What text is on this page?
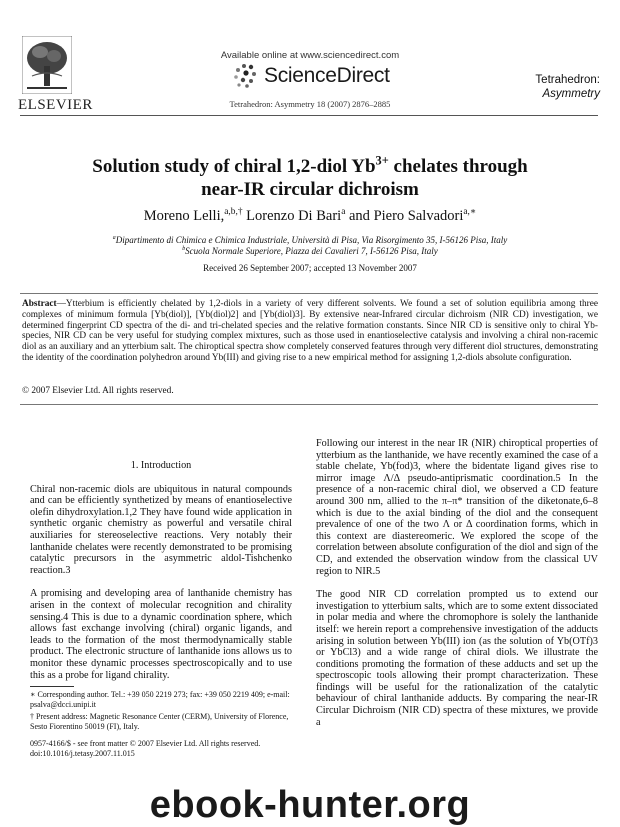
ELSEVIER
Available online at www.sciencedirect.com
ScienceDirect
Tetrahedron: Asymmetry 18 (2007) 2876–2885
Tetrahedron:
Asymmetry
Solution study of chiral 1,2-diol $Yb^{3+}$ chelates through
near-IR circular dichroism
Moreno Lelli,$^{a,b,\dagger}$ Lorenzo Di Bari$^a$ and Piero Salvadori$^{a,∗}$
$^a$Dipartimento di Chimica e Chimica Industriale, Università di Pisa, Via Risorgimento 35, I-56126 Pisa, Italy
$^b$Scuola Normale Superiore, Piazza dei Cavalieri 7, I-56126 Pisa, Italy
Received 26 September 2007; accepted 13 November 2007
Abstract—Ytterbium is efficiently chelated by 1,2-diols in a variety of very different solvents. We found a set of solution equilibria among three complexes of minimum formula [Yb(diol)], [Yb(diol)2] and [Yb(diol)3]. By extensive near-Infrared circular dichroism (NIR CD) investigation, we determined fingerprint CD spectra of the di- and tri-chelated species and the relative formation constants. Since NIR CD is sensitive only to chiral Yb-species, NIR CD can be very useful for studying complex mixtures, such as those used in enantioselective catalysis and involving a chiral non-racemic diol as an auxiliary and an ytterbium salt. The chiroptical spectra show completely conserved features through very different diol structures, demonstrating the identity of the coordination polyhedron around Yb(III) and giving rise to a new empirical method for assigning 1,2-diols absolute configuration.
© 2007 Elsevier Ltd. All rights reserved.
1. Introduction
Chiral non-racemic diols are ubiquitous in natural compounds and can be efficiently synthetized by means of enantioselective olefin dihydroxylation.1,2 They have found wide application in synthetic organic chemistry as powerful and versatile chiral auxiliaries for stereoselective reactions. Very notably their lanthanide chelates were recently demonstrated to be promising catalytic precursors in the asymmetric aldol-Tishchenko reaction.3
A promising and developing area of lanthanide chemistry has arisen in the context of molecular recognition and chirality sensing.4 This is due to a dynamic coordination sphere, which allows fast exchange involving (chiral) organic ligands, and leads to the formation of the most thermodynamically stable product. The electronic structure of lanthanide ions allows us to monitor these dynamic processes spectroscopically and to use this as a probe for ligand chirality.
Following our interest in the near IR (NIR) chiroptical properties of ytterbium as the lanthanide, we have recently examined the case of a stable chelate, Yb(fod)3, where the bidentate ligand gives rise to mirror image Λ/Δ pseudo-antiprismatic coordination.5 In the presence of a non-racemic chiral diol, we observed a CD feature around 300 nm, allied to the π–π* transition of the diketonate,6–8 which is due to the axial binding of the diol and the consequent prevalence of one of the two Λ or Δ coordination forms, which in this context are diastereomeric. We explored the scope of the correlation between absolute configuration of the diol and sign of the CD, and extended the observation window from the classical UV region to NIR.5
The good NIR CD correlation prompted us to extend our investigation to ytterbium salts, which are to some extent dissociated in polar media and where the chromophore is solely the lanthanide itself: we herein report a comprehensive investigation of the adducts arising in solution between Yb(III) ion (as the solution of Yb(OTf)3 or YbCl3) and a wide range of chiral diols. We illustrate the conditions promoting the formation of these adducts and set up the spectroscopic tools allowing their prompt characterization. These findings will be useful for the rationalization of the catalytic behaviour of chiral lanthanide adducts. By comparing the near-IR Circular Dichroism (NIR CD) spectra of these mixtures, we provide a
∗ Corresponding author. Tel.: +39 050 2219 273; fax: +39 050 2219 409; e-mail: psalva@dcci.unipi.it
† Present address: Magnetic Resonance Center (CERM), University of Florence, Sesto Fiorentino 50019 (FI), Italy.
0957-4166/$ - see front matter © 2007 Elsevier Ltd. All rights reserved.
doi:10.1016/j.tetasy.2007.11.015
ebook-hunter.org
